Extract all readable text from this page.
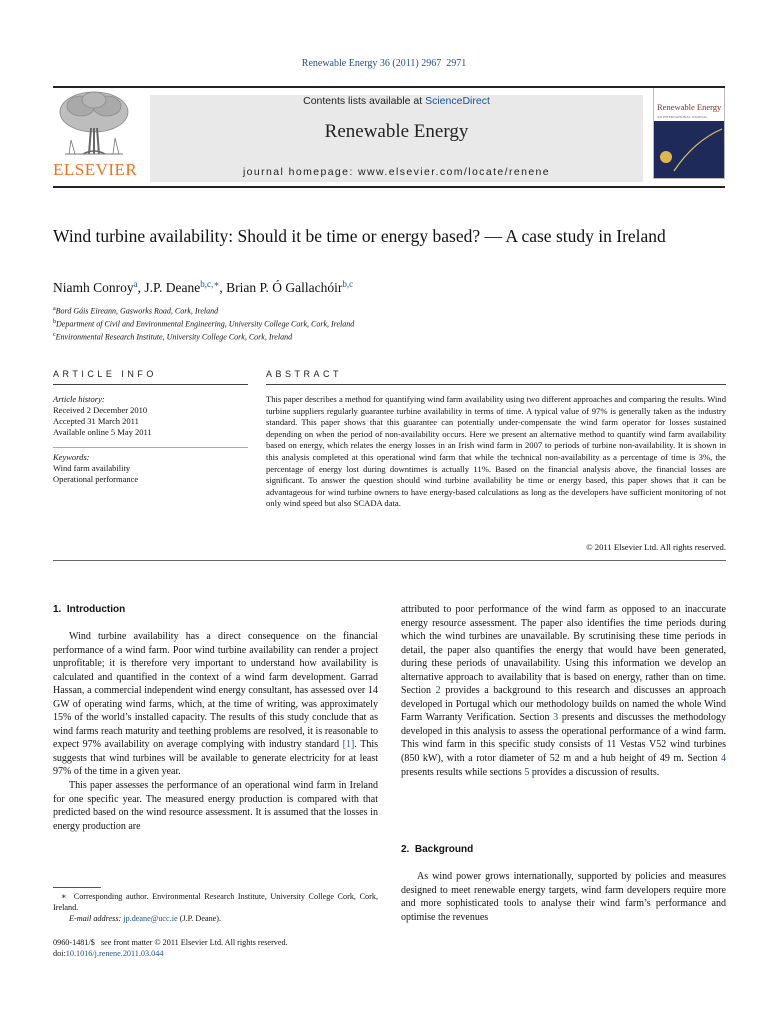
Renewable Energy 36 (2011) 2967  2971
ELSEVIER
Contents lists available at ScienceDirect
Renewable Energy
journal homepage: www.elsevier.com/locate/renene
Renewable Energy
AN INTERNATIONAL JOURNAL
Wind turbine availability: Should it be time or energy based? — A case study in Ireland
Niamh Conroy$^a$, J.P. Deane$^{b,c,∗}$, Brian P. Ó Gallachóir$^{b,c}$
$^a$Bord Gáis Eireann, Gasworks Road, Cork, Ireland
$^b$Department of Civil and Environmental Engineering, University College Cork, Cork, Ireland
$^c$Environmental Research Institute, University College Cork, Cork, Ireland
ARTICLE INFO
Article history:
Received 2 December 2010
Accepted 31 March 2011
Available online 5 May 2011
Keywords:
Wind farm availability
Operational performance
ABSTRACT
This paper describes a method for quantifying wind farm availability using two different approaches and comparing the results. Wind turbine suppliers regularly guarantee turbine availability in terms of time. A typical value of 97% is generally taken as the industry standard. This paper shows that this guarantee can potentially under-compensate the wind farm operator for losses sustained depending on when the period of non-availability occurs. Here we present an alternative method to quantify wind farm availability based on energy, which relates the energy losses in an Irish wind farm in 2007 to periods of turbine non-availability. It is shown in this analysis completed at this operational wind farm that while the technical non-availability as a percentage of time is 3%, the percentage of energy lost during downtimes is actually 11%. Based on the financial analysis above, the financial losses are significant. To answer the question should wind turbine availability be time or energy based, this paper shows that it can be advantageous for wind turbine owners to have energy-based calculations as long as the developers have sufficient monitoring of not only wind speed but also SCADA data.
© 2011 Elsevier Ltd. All rights reserved.
1.  Introduction

Wind turbine availability has a direct consequence on the financial performance of a wind farm. Poor wind turbine availability can render a project unprofitable; it is therefore very important to understand how availability is calculated and quantified in the context of a wind farm development. Garrad Hassan, a commercial independent wind energy consultant, has assessed over 14 GW of operating wind farms, which, at the time of writing, was approximately 15% of the world’s installed capacity. The results of this study conclude that as wind farms reach maturity and teething problems are resolved, it is reasonable to expect 97% availability on average complying with industry standard [1]. This suggests that wind turbines will be available to generate electricity for at least 97% of the time in a given year.

This paper assesses the performance of an operational wind farm in Ireland for one specific year. The measured energy production is compared with that predicted based on the wind resource assessment. It is assumed that the losses in energy production are

attributed to poor performance of the wind farm as opposed to an inaccurate energy resource assessment. The paper also identifies the time periods during which the wind turbines are unavailable. By scrutinising these time periods in detail, the paper also quantifies the energy that would have been generated, during these periods of unavailability. Using this information we develop an alternative approach to availability that is based on energy, rather than on time. Section 2 provides a background to this research and discusses an approach developed in Portugal which our methodology builds on named the whole Wind Farm Warranty Verification. Section 3 presents and discusses the methodology developed in this analysis to assess the operational performance of a wind farm. This wind farm in this specific study consists of 11 Vestas V52 wind turbines (850 kW), with a rotor diameter of 52 m and a hub height of 49 m. Section 4 presents results while sections 5 provides a discussion of results.

2.  Background

As wind power grows internationally, supported by policies and measures designed to meet renewable energy targets, wind farm developers require more and more sophisticated tools to analyse their wind farm’s performance and optimise the revenues

∗  Corresponding author. Environmental Research Institute, University College Cork, Cork, Ireland.
E-mail address: jp.deane@ucc.ie (J.P. Deane).
0960-1481/$   see front matter © 2011 Elsevier Ltd. All rights reserved.
doi:10.1016/j.renene.2011.03.044
